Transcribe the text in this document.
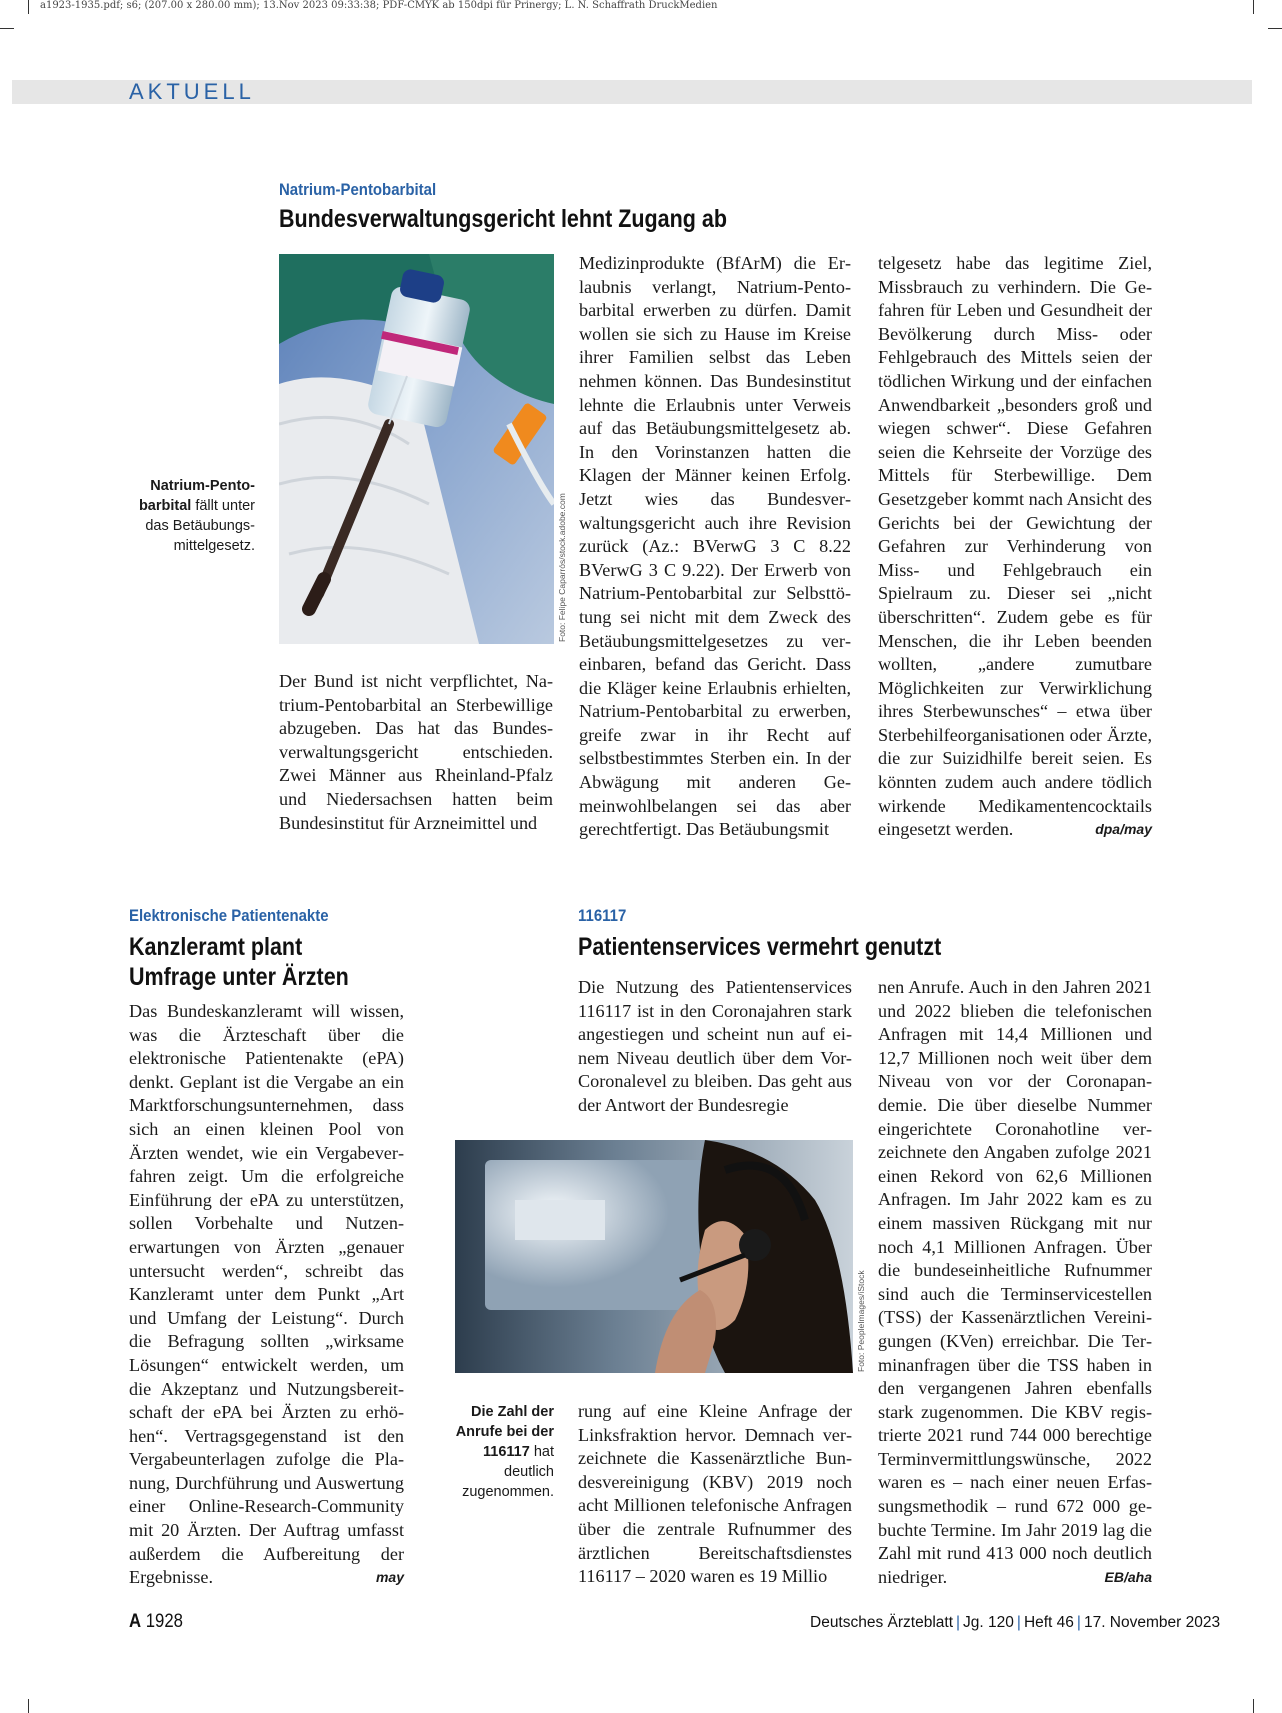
a1923-1935.pdf; s6; (207.00 x 280.00 mm); 13.Nov 2023 09:33:38; PDF-CMYK ab 150dpi für Prinergy; L. N. Schaffrath DruckMedien
AKTUELL
Natrium-Pentobarbital
Bundesverwaltungsgericht lehnt Zugang ab
Natrium-Pento-barbital fällt unter das Betäubungs-mittelgesetz.	Foto: Felipe Caparrós/stock.adobe.com

Der Bund ist nicht verpflichtet, Natrium-Pentobarbital an Sterbewillige abzugeben. Das hat das Bundesverwaltungsgericht entschieden. Zwei Männer aus Rheinland-Pfalz und Niedersachsen hatten beim Bundesinstitut für Arzneimittel und

Medizinprodukte (BfArM) die Erlaubnis verlangt, Natrium-Pentobarbital erwerben zu dürfen. Damit wollen sie sich zu Hause im Kreise ihrer Familien selbst das Leben nehmen können. Das Bundesinstitut lehnte die Erlaubnis unter Verweis auf das Betäubungsmittelgesetz ab. In den Vorinstanzen hatten die Klagen der Männer keinen Erfolg. Jetzt wies das Bundesverwaltungsgericht auch ihre Revision zurück (Az.: BVerwG 3 C 8.22 BVerwG 3 C 9.22). Der Erwerb von Natrium-Pentobarbital zur Selbsttötung sei nicht mit dem Zweck des Betäubungsmittelgesetzes zu vereinbaren, befand das Gericht. Dass die Kläger keine Erlaubnis erhielten, Natrium-Pentobarbital zu erwerben, greife zwar in ihr Recht auf selbstbestimmtes Sterben ein. In der Abwägung mit anderen Gemeinwohlbelangen sei das aber gerechtfertigt. Das Betäubungsmit

telgesetz habe das legitime Ziel, Missbrauch zu verhindern. Die Gefahren für Leben und Gesundheit der Bevölkerung durch Miss- oder Fehlgebrauch des Mittels seien der tödlichen Wirkung und der einfachen Anwendbarkeit „besonders groß und wiegen schwer“. Diese Gefahren seien die Kehrseite der Vorzüge des Mittels für Sterbewillige. Dem Gesetzgeber kommt nach Ansicht des Gerichts bei der Gewichtung der Gefahren zur Verhinderung von Miss- und Fehlgebrauch ein Spielraum zu. Dieser sei „nicht überschritten“. Zudem gebe es für Menschen, die ihr Leben beenden wollten, „andere zumutbare Möglichkeiten zur Verwirklichung ihres Sterbewunsches“ – etwa über Sterbehilfeorganisationen oder Ärzte, die zur Suizidhilfe bereit seien. Es könnten zudem auch andere tödlich wirkende Medikamentencocktails eingesetzt werden.	dpa/may

Elektronische Patientenakte
Kanzleramt plant
Umfrage unter Ärzten

Das Bundeskanzleramt will wissen, was die Ärzteschaft über die elektronische Patientenakte (ePA) denkt. Geplant ist die Vergabe an ein Marktforschungsunternehmen, dass sich an einen kleinen Pool von Ärzten wendet, wie ein Vergabeverfahren zeigt. Um die erfolgreiche Einführung der ePA zu unterstützen, sollen Vorbehalte und Nutzenerwartungen von Ärzten „genauer untersucht werden“, schreibt das Kanzleramt unter dem Punkt „Art und Umfang der Leistung“. Durch die Befragung sollten „wirksame Lösungen“ entwickelt werden, um die Akzeptanz und Nutzungsbereitschaft der ePA bei Ärzten zu erhöhen“. Vertragsgegenstand ist den Vergabeunterlagen zufolge die Planung, Durchführung und Auswertung einer Online-Research-Community mit 20 Ärzten. Der Auftrag umfasst außerdem die Aufbereitung der Ergebnisse.	may

116117
Patientenservices vermehrt genutzt

Die Nutzung des Patientenservices 116117 ist in den Coronajahren stark angestiegen und scheint nun auf einem Niveau deutlich über dem Vor-Coronalevel zu bleiben. Das geht aus der Antwort der Bundesregie

Foto: PeopleImages/iStock
Die Zahl der Anrufe bei der 116117 hat deutlich zugenommen.

rung auf eine Kleine Anfrage der Linksfraktion hervor. Demnach verzeichnete die Kassenärztliche Bundesvereinigung (KBV) 2019 noch acht Millionen telefonische Anfragen über die zentrale Rufnummer des ärztlichen Bereitschaftsdienstes 116117 – 2020 waren es 19 Millio

nen Anrufe. Auch in den Jahren 2021 und 2022 blieben die telefonischen Anfragen mit 14,4 Millionen und 12,7 Millionen noch weit über dem Niveau von vor der Coronapandemie. Die über dieselbe Nummer eingerichtete Coronahotline verzeichnete den Angaben zufolge 2021 einen Rekord von 62,6 Millionen Anfragen. Im Jahr 2022 kam es zu einem massiven Rückgang mit nur noch 4,1 Millionen Anfragen. Über die bundeseinheitliche Rufnummer sind auch die Terminservicestellen (TSS) der Kassenärztlichen Vereinigungen (KVen) erreichbar. Die Terminanfragen über die TSS haben in den vergangenen Jahren ebenfalls stark zugenommen. Die KBV registrierte 2021 rund 744 000 berechtige Terminvermittlungswünsche, 2022 waren es – nach einer neuen Erfassungsmethodik – rund 672 000 gebuchte Termine. Im Jahr 2019 lag die Zahl mit rund 413 000 noch deutlich niedriger.	EB/aha

A 1928	Deutsches Ärzteblatt | Jg. 120 | Heft 46 | 17. November 2023
